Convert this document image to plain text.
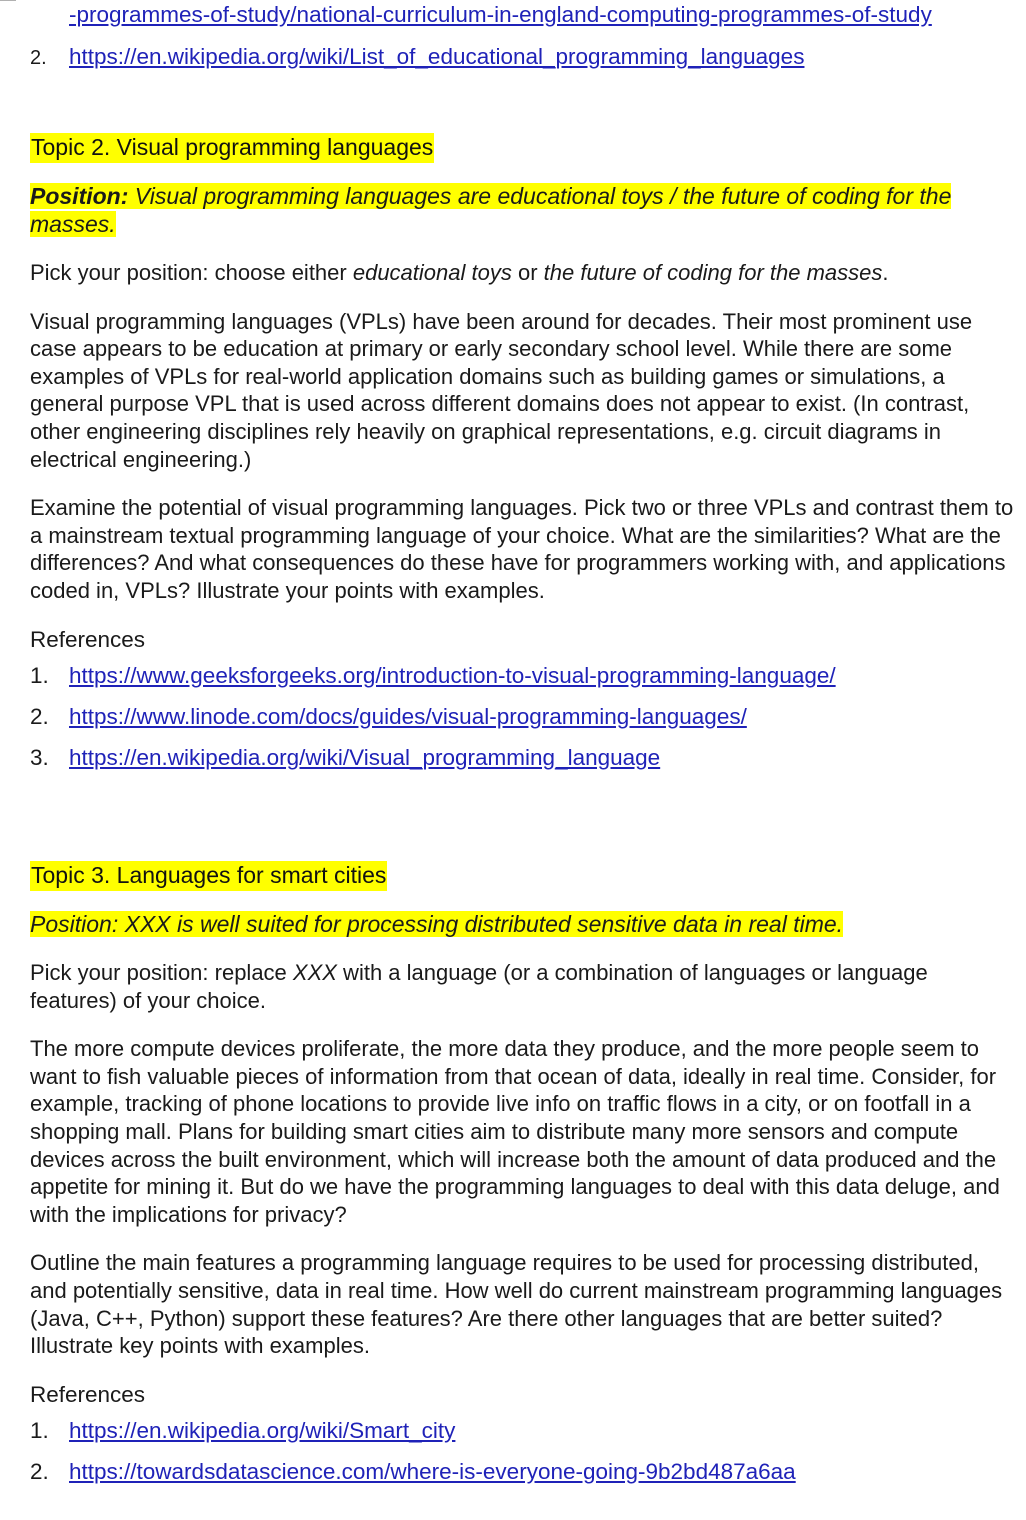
-programmes-of-study/national-curriculum-in-england-computing-programmes-of-study
2. https://en.wikipedia.org/wiki/List_of_educational_programming_languages
Topic 2. Visual programming languages
Position: Visual programming languages are educational toys / the future of coding for the masses.
Pick your position: choose either educational toys or the future of coding for the masses.
Visual programming languages (VPLs) have been around for decades. Their most prominent use case appears to be education at primary or early secondary school level. While there are some examples of VPLs for real-world application domains such as building games or simulations, a general purpose VPL that is used across different domains does not appear to exist. (In contrast, other engineering disciplines rely heavily on graphical representations, e.g. circuit diagrams in electrical engineering.)
Examine the potential of visual programming languages. Pick two or three VPLs and contrast them to a mainstream textual programming language of your choice. What are the similarities? What are the differences? And what consequences do these have for programmers working with, and applications coded in, VPLs? Illustrate your points with examples.
References
1. https://www.geeksforgeeks.org/introduction-to-visual-programming-language/
2. https://www.linode.com/docs/guides/visual-programming-languages/
3. https://en.wikipedia.org/wiki/Visual_programming_language
Topic 3. Languages for smart cities
Position: XXX is well suited for processing distributed sensitive data in real time.
Pick your position: replace XXX with a language (or a combination of languages or language features) of your choice.
The more compute devices proliferate, the more data they produce, and the more people seem to want to fish valuable pieces of information from that ocean of data, ideally in real time. Consider, for example, tracking of phone locations to provide live info on traffic flows in a city, or on footfall in a shopping mall. Plans for building smart cities aim to distribute many more sensors and compute devices across the built environment, which will increase both the amount of data produced and the appetite for mining it. But do we have the programming languages to deal with this data deluge, and with the implications for privacy?
Outline the main features a programming language requires to be used for processing distributed, and potentially sensitive, data in real time. How well do current mainstream programming languages (Java, C++, Python) support these features? Are there other languages that are better suited? Illustrate key points with examples.
References
1. https://en.wikipedia.org/wiki/Smart_city
2. https://towardsdatascience.com/where-is-everyone-going-9b2bd487a6aa
